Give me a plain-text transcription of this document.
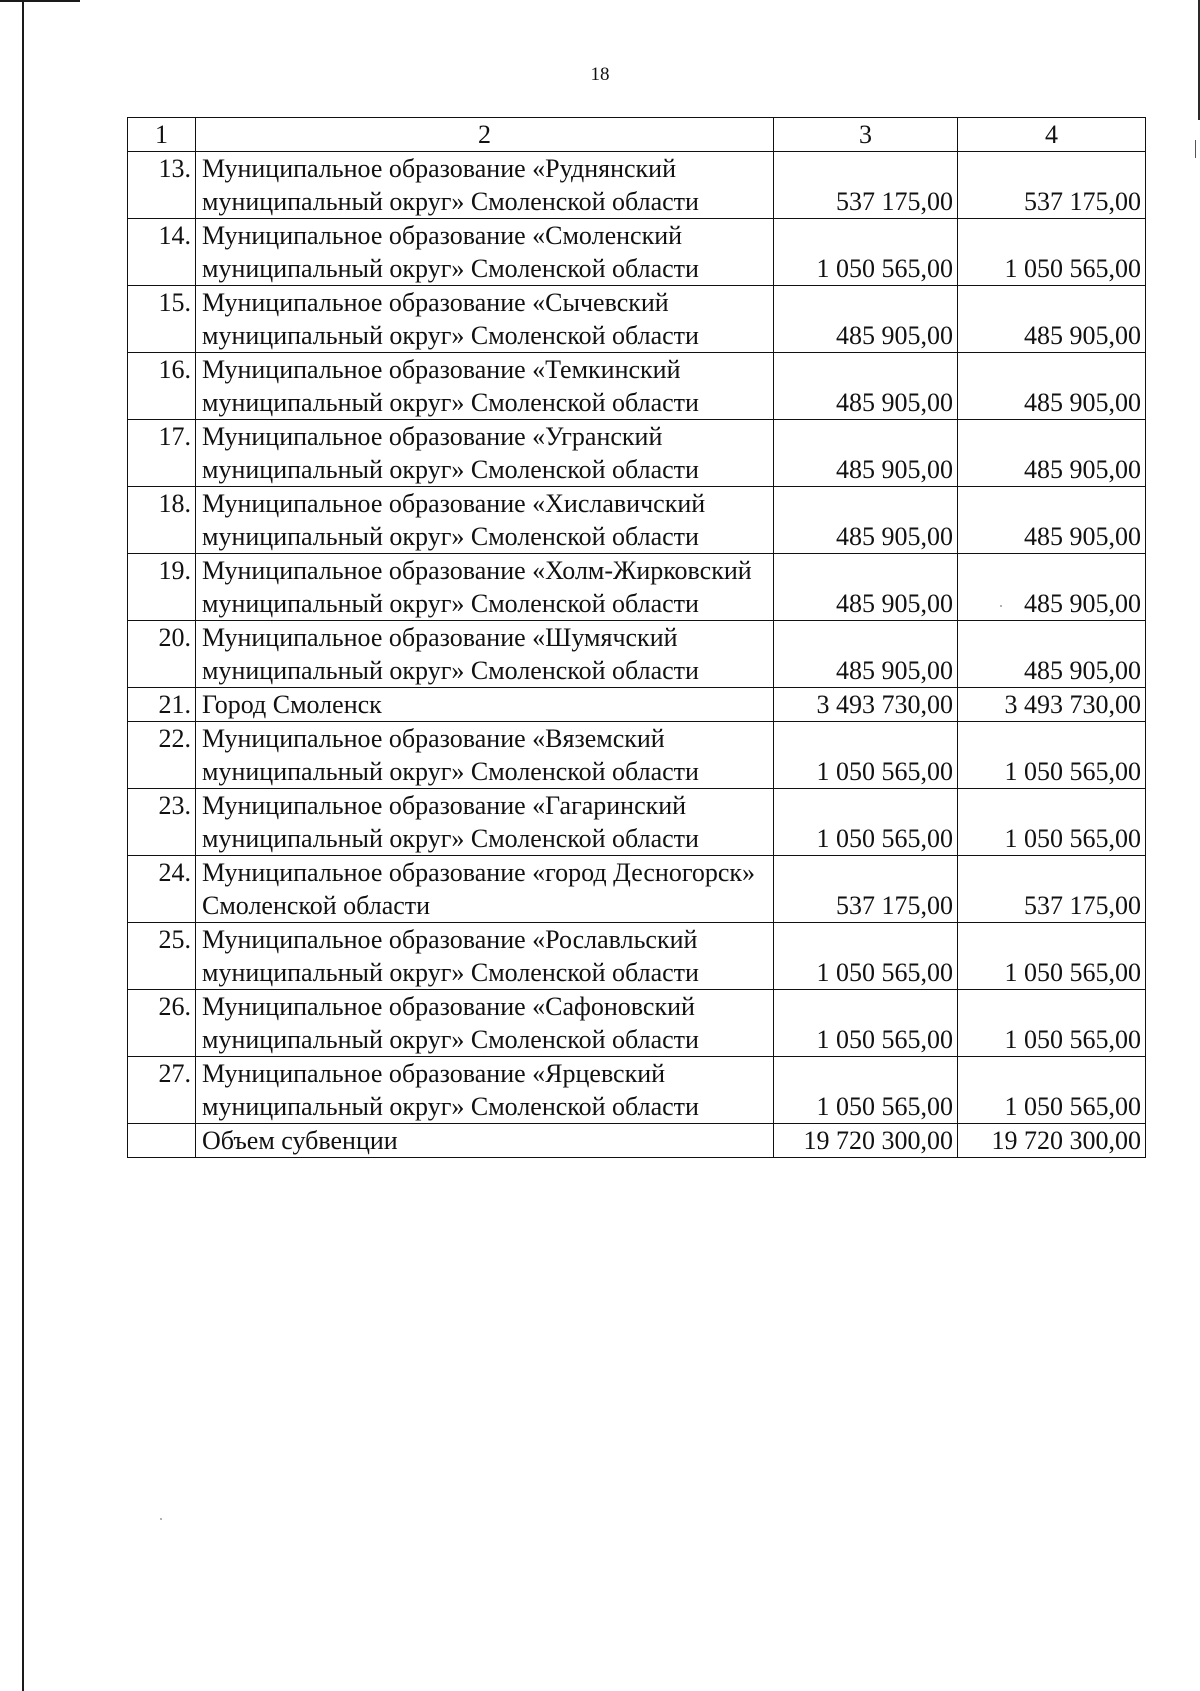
18
1	2	3	4
13.	Муниципальное образование «Руднянский муниципальный округ» Смоленской области	537 175,00	537 175,00
14.	Муниципальное образование «Смоленский муниципальный округ» Смоленской области	1 050 565,00	1 050 565,00
15.	Муниципальное образование «Сычевский муниципальный округ» Смоленской области	485 905,00	485 905,00
16.	Муниципальное образование «Темкинский муниципальный округ» Смоленской области	485 905,00	485 905,00
17.	Муниципальное образование «Угранский муниципальный округ» Смоленской области	485 905,00	485 905,00
18.	Муниципальное образование «Хиславичский муниципальный округ» Смоленской области	485 905,00	485 905,00
19.	Муниципальное образование «Холм-Жирковский муниципальный округ» Смоленской области	485 905,00	485 905,00
20.	Муниципальное образование «Шумячский муниципальный округ» Смоленской области	485 905,00	485 905,00
21.	Город Смоленск	3 493 730,00	3 493 730,00
22.	Муниципальное образование «Вяземский муниципальный округ» Смоленской области	1 050 565,00	1 050 565,00
23.	Муниципальное образование «Гагаринский муниципальный округ» Смоленской области	1 050 565,00	1 050 565,00
24.	Муниципальное образование «город Десногорск» Смоленской области	537 175,00	537 175,00
25.	Муниципальное образование «Рославльский муниципальный округ» Смоленской области	1 050 565,00	1 050 565,00
26.	Муниципальное образование «Сафоновский муниципальный округ» Смоленской области	1 050 565,00	1 050 565,00
27.	Муниципальное образование «Ярцевский муниципальный округ» Смоленской области	1 050 565,00	1 050 565,00
	Объем субвенции	19 720 300,00	19 720 300,00
